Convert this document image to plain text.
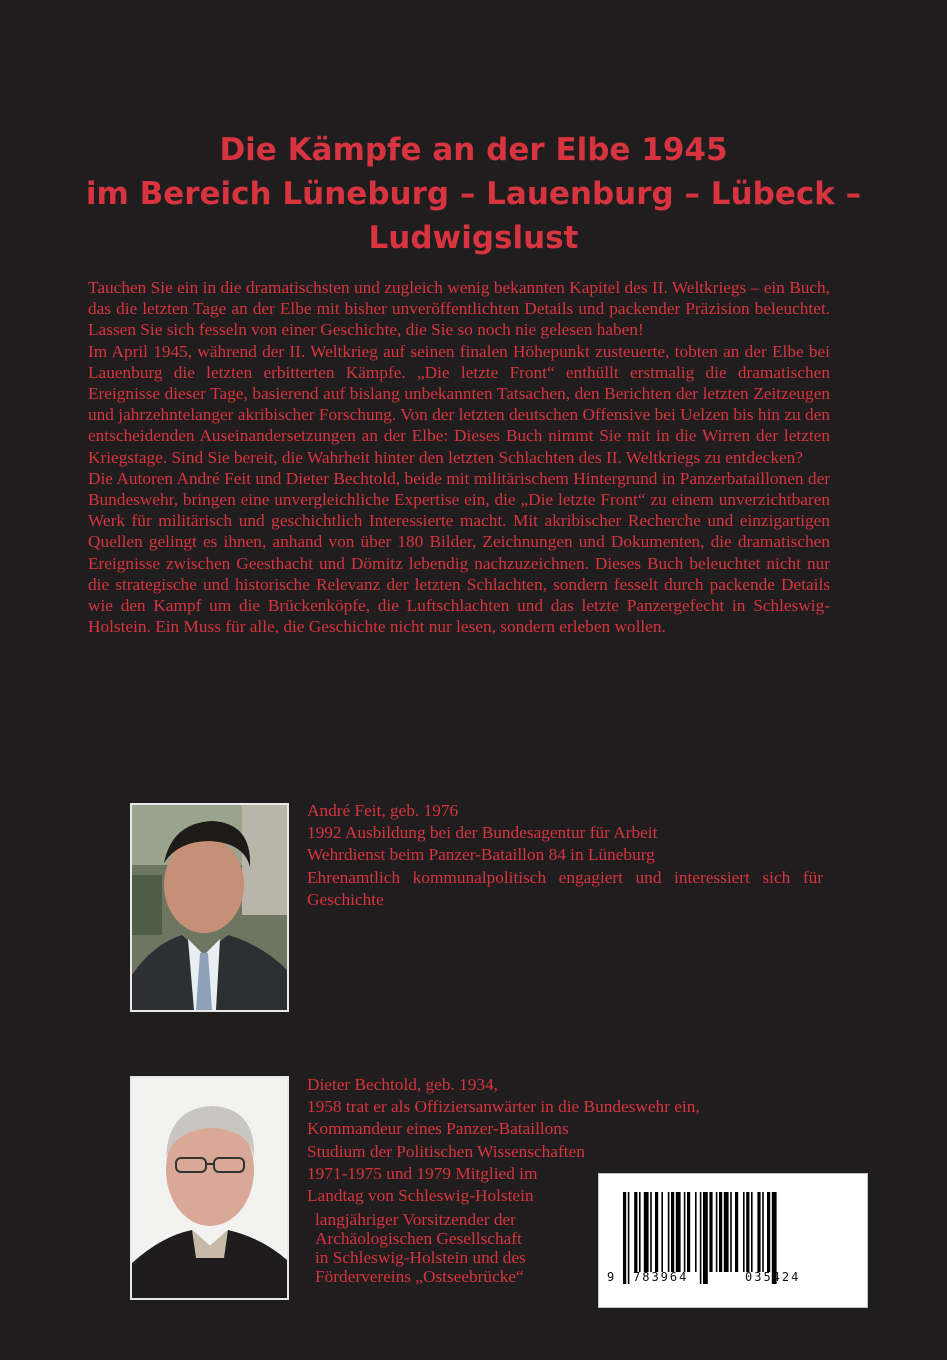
Die Kämpfe an der Elbe 1945
im Bereich Lüneburg – Lauenburg – Lübeck –
Ludwigslust

Tauchen Sie ein in die dramatischsten und zugleich wenig bekannten Kapitel des II. Weltkriegs – ein Buch, das die letzten Tage an der Elbe mit bisher unveröffentlichten Details und packender Präzision beleuchtet. Lassen Sie sich fesseln von einer Geschichte, die Sie so noch nie gelesen haben!

Im April 1945, während der II. Weltkrieg auf seinen finalen Höhepunkt zusteuerte, tobten an der Elbe bei Lauenburg die letzten erbitterten Kämpfe. „Die letzte Front“ enthüllt erstmalig die dramatischen Ereignisse dieser Tage, basierend auf bislang unbekannten Tatsachen, den Berichten der letzten Zeitzeugen und jahrzehntelanger akribischer Forschung. Von der letzten deutschen Offensive bei Uelzen bis hin zu den entscheidenden Auseinandersetzungen an der Elbe: Dieses Buch nimmt Sie mit in die Wirren der letzten Kriegstage. Sind Sie bereit, die Wahrheit hinter den letzten Schlachten des II. Weltkriegs zu entdecken?

Die Autoren André Feit und Dieter Bechtold, beide mit militärischem Hintergrund in Panzerbataillonen der Bundeswehr, bringen eine unvergleichliche Expertise ein, die „Die letzte Front“ zu einem unverzichtbaren Werk für militärisch und geschichtlich Interessierte macht. Mit akribischer Recherche und einzigartigen Quellen gelingt es ihnen, anhand von über 180 Bilder, Zeichnungen und Dokumenten, die dramatischen Ereignisse zwischen Geesthacht und Dömitz lebendig nachzuzeichnen. Dieses Buch beleuchtet nicht nur die strategische und historische Relevanz der letzten Schlachten, sondern fesselt durch packende Details wie den Kampf um die Brückenköpfe, die Luftschlachten und das letzte Panzergefecht in Schleswig-Holstein. Ein Muss für alle, die Geschichte nicht nur lesen, sondern erleben wollen.

André Feit, geb. 1976
1992 Ausbildung bei der Bundesagentur für Arbeit
Wehrdienst beim Panzer-Bataillon 84 in Lüneburg
Ehrenamtlich kommunalpolitisch engagiert und interessiert sich für Geschichte
Dieter Bechtold, geb. 1934,
1958 trat er als Offiziersanwärter in die Bundeswehr ein,
Kommandeur eines Panzer-Bataillons
Studium der Politischen Wissenschaften
1971-1975 und 1979 Mitglied im
Landtag von Schleswig-Holstein
langjähriger Vorsitzender der
Archäologischen Gesellschaft
in Schleswig-Holstein und des
Fördervereins „Ostseebrücke“	9 783964	035424
